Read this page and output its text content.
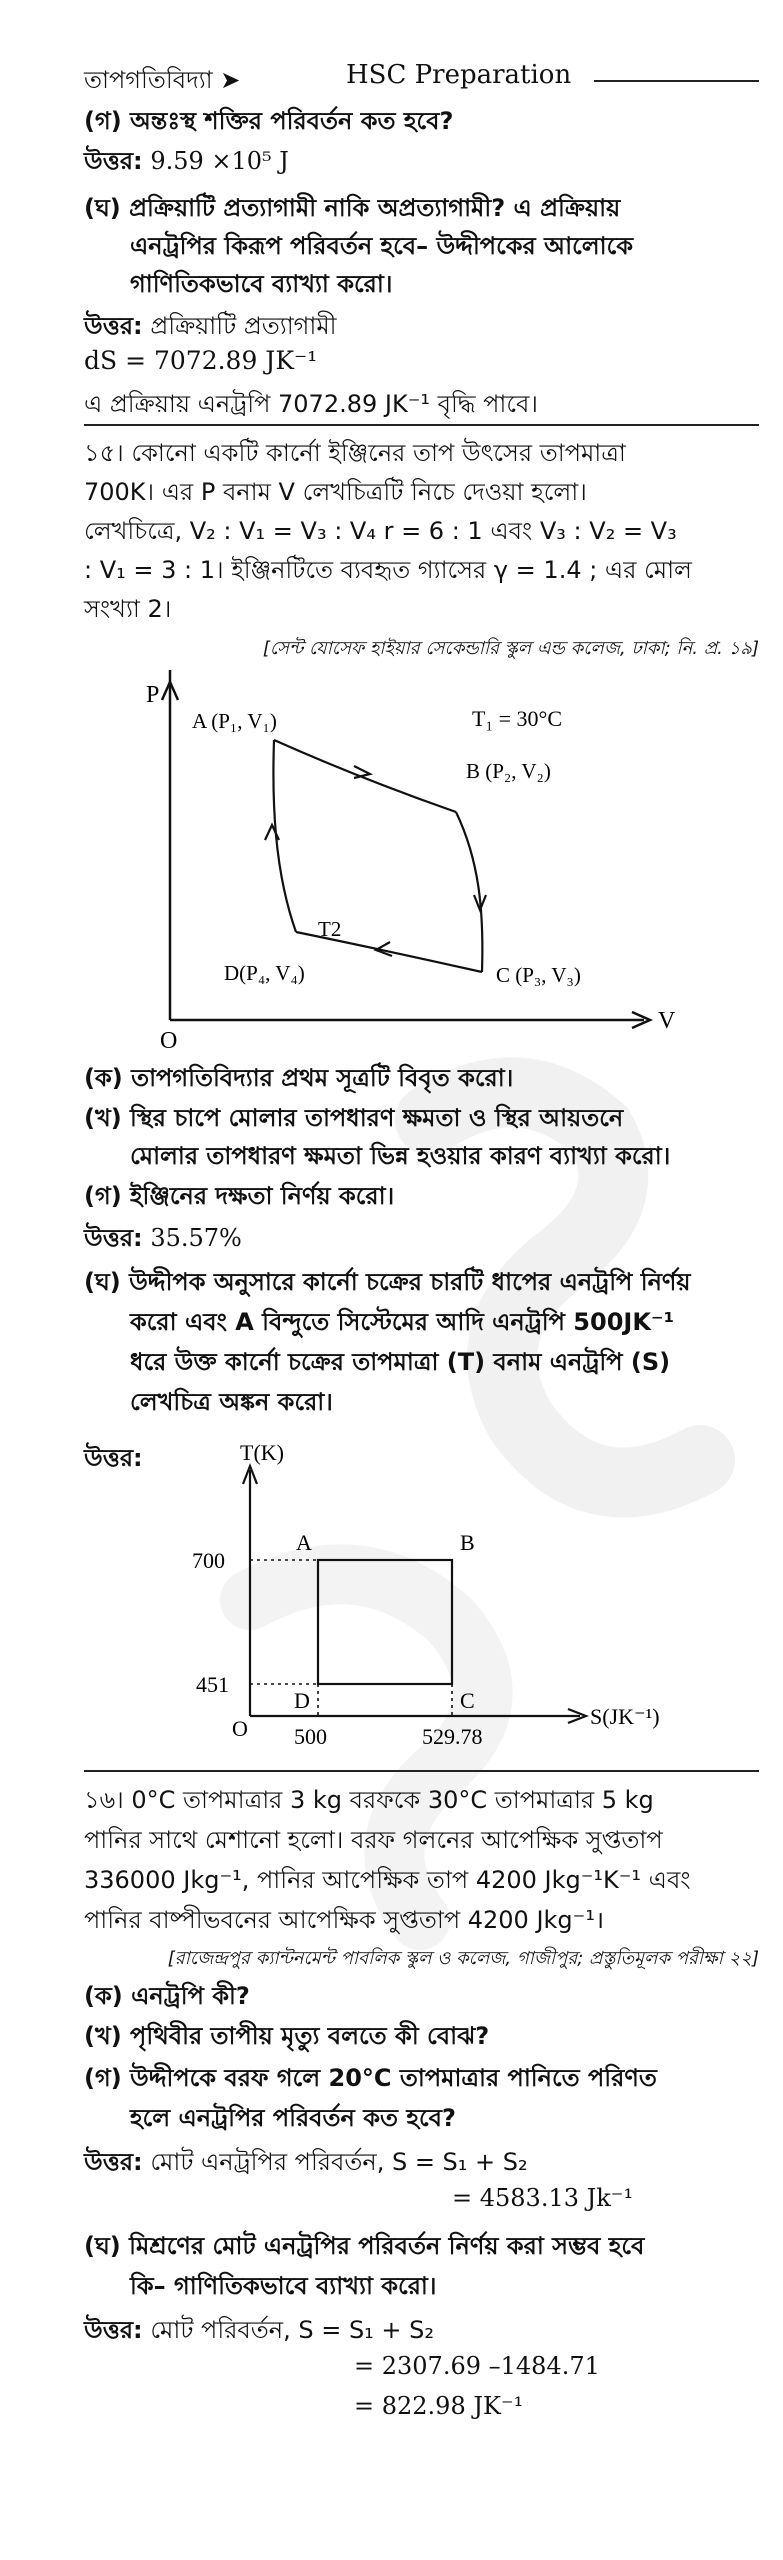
তাপগতিবিদ্যা ➤	HSC Preparation
(গ) অন্তঃস্থ শক্তির পরিবর্তন কত হবে?
উত্তর: 9.59 ×10⁵ J
(ঘ) প্রক্রিয়াটি প্রত্যাগামী নাকি অপ্রত্যাগামী? এ প্রক্রিয়ায়
এনট্রপির কিরূপ পরিবর্তন হবে– উদ্দীপকের আলোকে
গাণিতিকভাবে ব্যাখ্যা করো।
উত্তর: প্রক্রিয়াটি প্রত্যাগামী
dS = 7072.89 JK⁻¹
এ প্রক্রিয়ায় এনট্রপি 7072.89 JK⁻¹ বৃদ্ধি পাবে।
১৫। কোনো একটি কার্নো ইঞ্জিনের তাপ উৎসের তাপমাত্রা
700K। এর P বনাম V লেখচিত্রটি নিচে দেওয়া হলো।
লেখচিত্রে, V₂ : V₁ = V₃ : V₄ r = 6 : 1 এবং V₃ : V₂ = V₃
: V₁ = 3 : 1। ইঞ্জিনটিতে ব্যবহৃত গ্যাসের γ = 1.4 ; এর মোল
সংখ্যা 2।
[সেন্ট যোসেফ হাইয়ার সেকেন্ডারি স্কুল এন্ড কলেজ, ঢাকা; নি. প্র. ১৯]
P
V
O
A (P₁, V₁)
B (P₂, V₂)
C (P₃, V₃)
D(P₄, V₄)
T₁ = 30°C
T2
(ক) তাপগতিবিদ্যার প্রথম সূত্রটি বিবৃত করো।
(খ) স্থির চাপে মোলার তাপধারণ ক্ষমতা ও স্থির আয়তনে
মোলার তাপধারণ ক্ষমতা ভিন্ন হওয়ার কারণ ব্যাখ্যা করো।
(গ) ইঞ্জিনের দক্ষতা নির্ণয় করো।
উত্তর: 35.57%
(ঘ) উদ্দীপক অনুসারে কার্নো চক্রের চারটি ধাপের এনট্রপি নির্ণয়
করো এবং A বিন্দুতে সিস্টেমের আদি এনট্রপি 500JK⁻¹
ধরে উক্ত কার্নো চক্রের তাপমাত্রা (T) বনাম এনট্রপি (S)
লেখচিত্র অঙ্কন করো।
উত্তর:	T(K)
S(JK⁻¹)
O
700
451
500	529.78
A	B
C
D
১৬। 0°C তাপমাত্রার 3 kg বরফকে 30°C তাপমাত্রার 5 kg
পানির সাথে মেশানো হলো। বরফ গলনের আপেক্ষিক সুপ্ততাপ
336000 Jkg⁻¹, পানির আপেক্ষিক তাপ 4200 Jkg⁻¹K⁻¹ এবং
পানির বাষ্পীভবনের আপেক্ষিক সুপ্ততাপ 4200 Jkg⁻¹।
[রাজেন্দ্রপুর ক্যান্টনমেন্ট পাবলিক স্কুল ও কলেজ, গাজীপুর; প্রস্তুতিমূলক পরীক্ষা ২২]
(ক) এনট্রপি কী?
(খ) পৃথিবীর তাপীয় মৃত্যু বলতে কী বোঝ?
(গ) উদ্দীপকে বরফ গলে 20°C তাপমাত্রার পানিতে পরিণত
হলে এনট্রপির পরিবর্তন কত হবে?
উত্তর: মোট এনট্রপির পরিবর্তন, S = S₁ + S₂
= 4583.13 Jk⁻¹
(ঘ) মিশ্রণের মোট এনট্রপির পরিবর্তন নির্ণয় করা সম্ভব হবে
কি– গাণিতিকভাবে ব্যাখ্যা করো।
উত্তর: মোট পরিবর্তন, S = S₁ + S₂
= 2307.69 –1484.71
= 822.98 JK⁻¹
